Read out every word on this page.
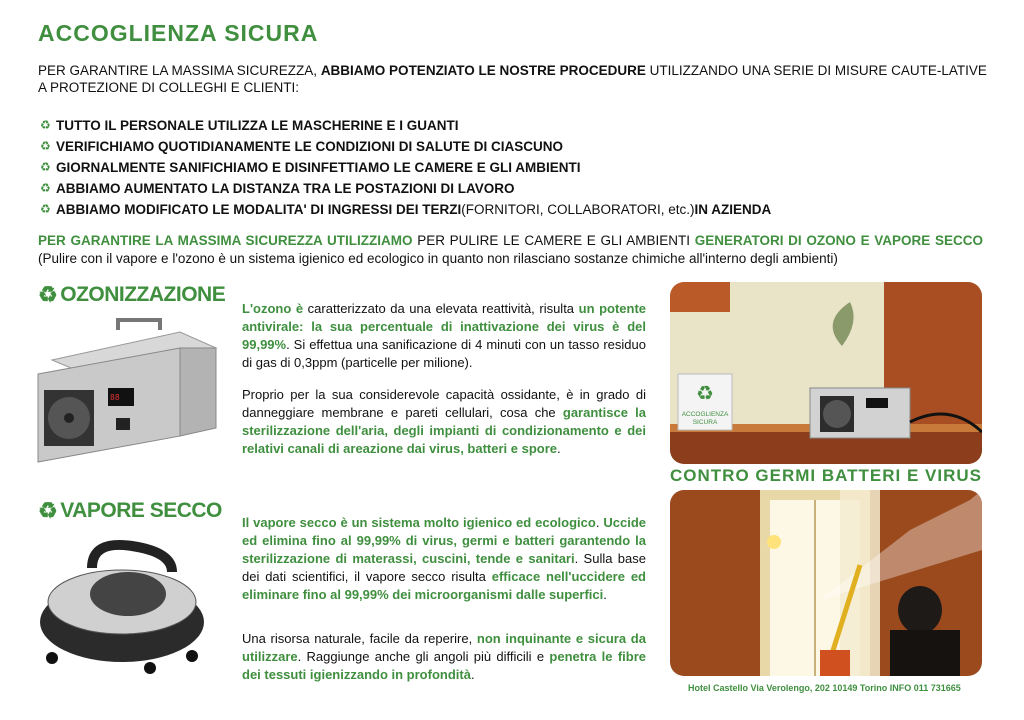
ACCOGLIENZA SICURA
PER GARANTIRE LA MASSIMA SICUREZZA, ABBIAMO POTENZIATO LE NOSTRE PROCEDURE UTILIZZANDO UNA SERIE DI MISURE CAUTE-LATIVE A PROTEZIONE DI COLLEGHI E CLIENTI:
♻ TUTTO IL PERSONALE UTILIZZA LE MASCHERINE E I GUANTI
♻ VERIFICHIAMO QUOTIDIANAMENTE LE CONDIZIONI DI SALUTE DI CIASCUNO
♻ GIORNALMENTE SANIFICHIAMO E DISINFETTIAMO LE CAMERE E GLI AMBIENTI
♻ ABBIAMO AUMENTATO LA DISTANZA TRA LE POSTAZIONI DI LAVORO
♻ ABBIAMO MODIFICATO LE MODALITA' DI INGRESSI DEI TERZI (FORNITORI, COLLABORATORI, etc.) IN AZIENDA
PER GARANTIRE LA MASSIMA SICUREZZA UTILIZZIAMO PER PULIRE LE CAMERE E GLI AMBIENTI GENERATORI DI OZONO E VAPORE SECCO (Pulire con il vapore e l'ozono è un sistema igienico ed ecologico in quanto non rilasciano sostanze chimiche all'interno degli ambienti)
♻ OZONIZZAZIONE
88
L'ozono è caratterizzato da una elevata reattività, risulta un potente antivirale: la sua percentuale di inattivazione dei virus è del 99,99%. Si effettua una sanificazione di 4 minuti con un tasso residuo di gas di 0,3ppm (particelle per milione).
Proprio per la sua considerevole capacità ossidante, è in grado di danneggiare membrane e pareti cellulari, cosa che garantisce la sterilizzazione dell'aria, degli impianti di condizionamento e dei relativi canali di areazione dai virus, batteri e spore.
♻ VAPORE SECCO
Il vapore secco è un sistema molto igienico ed ecologico. Uccide ed elimina fino al 99,99% di virus, germi e batteri garantendo la sterilizzazione di materassi, cuscini, tende e sanitari. Sulla base dei dati scientifici, il vapore secco risulta efficace nell'uccidere ed eliminare fino al 99,99% dei microorganismi dalle superfici.
Una risorsa naturale, facile da reperire, non inquinante e sicura da utilizzare. Raggiunge anche gli angoli più difficili e penetra le fibre dei tessuti igienizzando in profondità.
♻
ACCOGLIENZA
SICURA
CONTRO GERMI BATTERI E VIRUS
Hotel Castello Via Verolengo, 202 10149 Torino INFO 011 731665
